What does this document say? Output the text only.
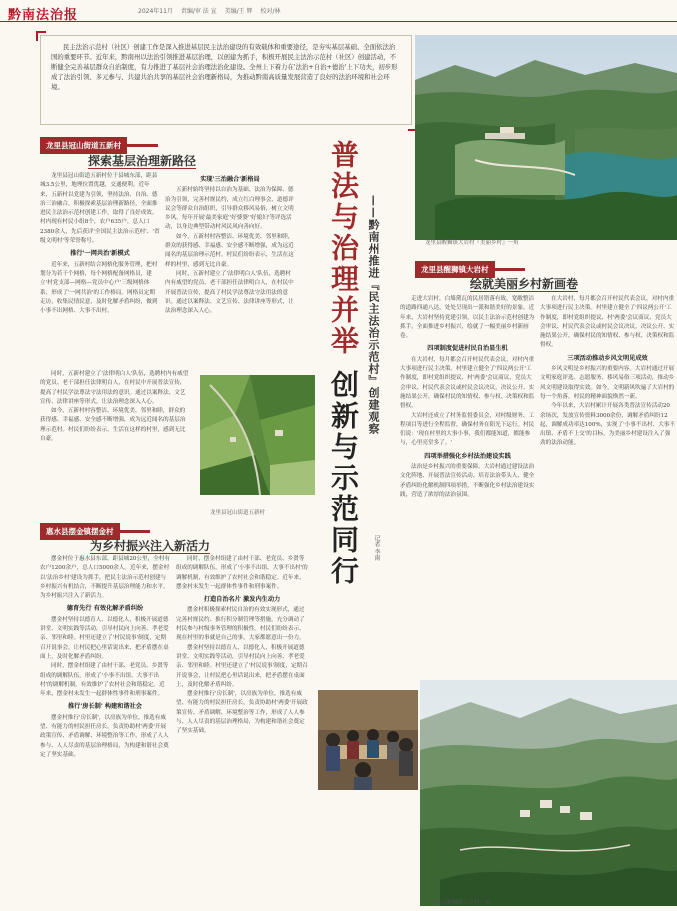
黔南法治报	2024年11月 责编/审 法 宣 美编/王 辉 校对/林

民主法治示范村（社区）创建工作是深入推进基层民主法治建设的有效载体和重要途径，是夯实基层基础、全面依法治国的重要环节。近年来，黔南州以法治引领推进基层治理，以创建为抓手，积极开展民主法治示范村（社区）创建活动，不断健全完善基层群众自治制度，有力推进了基层社会治理法治化建设。全州上下着力在'法治+自治+德治'上下功夫，初步形成了法治引领、多元参与、共建共治共享的基层社会治理新格局，为推动黔南高质量发展营造了良好的法治环境和社会环境。

龙里县醒狮镇大岩村『美丽乡村』一角
普法与治理并举 创新与示范同行
——黔南州推进『民主法治示范村』创建观察
记者 李雨
龙里县冠山街道五新村
探索基层治理新路径

龙里县冠山街道五新村位于县城东部，距县城3.5公里，地理位置优越，交通便利。近年来，五新村以党建为引领，坚持法治、自治、德治三治融合，积极探索基层治理新路径，全面推进民主法治示范村创建工作，取得了良好成效。村内现有村民小组8个，农户635户，总人口2380余人，先后获评'全国民主法治示范村'、'省级文明村'等荣誉称号。

推行'一网共治'新模式

近年来，五新村结合网格化服务管理，把村划分为若干个网格，每个网格配备网格员，建立'村党支部—网格—党员中心户'三级网格体系，形成了'一网共治'的工作格局。网格员定期走访，收集民情民意，及时化解矛盾纠纷，做到小事不出网格、大事不出村。

实现'三治融合'新格局

五新村始终坚持以自治为基础、法治为保障、德治为引领，完善村规民约，成立红白理事会、道德评议会等群众自治组织，引导群众移风易俗，树立文明乡风。每年开展'最美家庭''好婆婆''好媳妇'等评选活动，以身边典型带动村风民风向善向好。

如今，五新村村容整洁、环境优美、邻里和睦，群众的获得感、幸福感、安全感不断增强，成为远近闻名的基层治理示范村。村民们纷纷表示，生活在这样的村里，感到无比自豪。

同时，五新村建立了'法律明白人'队伍，选聘村内有威望的党员、老干部担任法律明白人，在村民中开展普法宣传，提高了村民学法尊法守法用法的意识。通过以案释法、文艺宣传、法律讲座等形式，让法治理念深入人心。

龙里县冠山街道五新村

同时，五新村建立了'法律明白人'队伍，选聘村内有威望的党员、老干部担任法律明白人，在村民中开展普法宣传，提高了村民学法尊法守法用法的意识。通过以案释法、文艺宣传、法律讲座等形式，让法治理念深入人心。

如今，五新村村容整洁、环境优美、邻里和睦，群众的获得感、幸福感、安全感不断增强，成为远近闻名的基层治理示范村。村民们纷纷表示，生活在这样的村里，感到无比自豪。

惠水县摆金镇摆金村
为乡村振兴注入新活力

摆金村位于惠水县东部，距县城20公里，全村有农户1200余户，总人口5000余人。近年来，摆金村以'法治乡村'建设为抓手，把民主法治示范村创建与乡村振兴有机结合，不断提升基层治理能力和水平，为乡村振兴注入了新活力。

德育先行 有效化解矛盾纠纷

摆金村坚持以德育人、以德化人，积极开展道德讲堂、文明实践等活动，引导村民向上向善、孝老爱亲、邻里和睦。村里还建立了'村民说事'制度，定期召开说事会，让村民把心里话说出来，把矛盾摆在桌面上，及时化解矛盾纠纷。

同时，摆金村组建了由村干部、老党员、乡贤等组成的调解队伍，形成了'小事不出组、大事不出村'的调解机制，有效维护了农村社会和谐稳定。近年来，摆金村未发生一起群体性事件和刑事案件。

推行'房长制' 构建和谐社会

摆金村推行'房长制'，以房族为单位，推选有威望、有能力的村民担任房长，负责协助村'两委'开展政策宣传、矛盾调解、环境整治等工作，形成了人人参与、人人尽责的基层治理格局，为构建和谐社会奠定了坚实基础。

同时，摆金村组建了由村干部、老党员、乡贤等组成的调解队伍，形成了'小事不出组、大事不出村'的调解机制，有效维护了农村社会和谐稳定。近年来，摆金村未发生一起群体性事件和刑事案件。

打造自治名片 激发内生动力

摆金村积极探索村民自治的有效实现形式，通过完善村规民约、推行积分制管理等措施，充分调动了村民参与村级事务管理的积极性。村民们纷纷表示，现在村里的事就是自己的事，大家都愿意出一份力。

摆金村坚持以德育人、以德化人，积极开展道德讲堂、文明实践等活动，引导村民向上向善、孝老爱亲、邻里和睦。村里还建立了'村民说事'制度，定期召开说事会，让村民把心里话说出来，把矛盾摆在桌面上，及时化解矛盾纠纷。

摆金村推行'房长制'，以房族为单位，推选有威望、有能力的村民担任房长，负责协助村'两委'开展政策宣传、矛盾调解、环境整治等工作，形成了人人参与、人人尽责的基层治理格局，为构建和谐社会奠定了坚实基础。

龙里县醒狮镇大岩村
绘就美丽乡村新画卷

走进大岩村，白墙黛瓦的民居错落有致，宽敞整洁的道路四通八达，处处呈现出一派和谐美好的景象。近年来，大岩村坚持党建引领，以民主法治示范村创建为抓手，全面推进乡村振兴，绘就了一幅美丽乡村新画卷。

四项制度促进村民自治显生机

在大岩村，每月都会召开村民代表会议，对村内重大事项进行民主决策。村里建立健全了'四议两公开'工作制度，即村党组织提议、村'两委'会议商议、党员大会审议、村民代表会议或村民会议决议，决议公开、实施结果公开，确保村民的知情权、参与权、决策权和监督权。

大岩村还成立了村务监督委员会，对村级财务、工程项目等进行全程监督，确保村务在阳光下运行。村民们说：'现在村里的大事小事，我们都能知道，都能参与，心里亮堂多了。'

四项举措强化乡村法治建设实践

法治是乡村振兴的重要保障。大岩村通过建设法治文化阵地、开展普法宣传活动、培育法治带头人、健全矛盾纠纷化解机制四项举措，不断强化乡村法治建设实践，营造了浓厚的法治氛围。

在大岩村，每月都会召开村民代表会议，对村内重大事项进行民主决策。村里建立健全了'四议两公开'工作制度，即村党组织提议、村'两委'会议商议、党员大会审议、村民代表会议或村民会议决议，决议公开、实施结果公开，确保村民的知情权、参与权、决策权和监督权。

三项活动推动乡风文明见成效

乡风文明是乡村振兴的重要内容。大岩村通过开展文明家庭评选、志愿服务、移风易俗三项活动，推动乡风文明建设取得实效。如今，文明新风吹遍了大岩村的每一个角落，村民的精神面貌焕然一新。

今年以来，大岩村累计开展各类普法宣传活动20余场次，发放宣传资料3000余份，调解矛盾纠纷12起，调解成功率达100%，实现了'小事不出村、大事不出镇、矛盾不上交'的目标，为美丽乡村建设注入了强劲的法治动能。

龙里县醒狮镇大岩村一景
